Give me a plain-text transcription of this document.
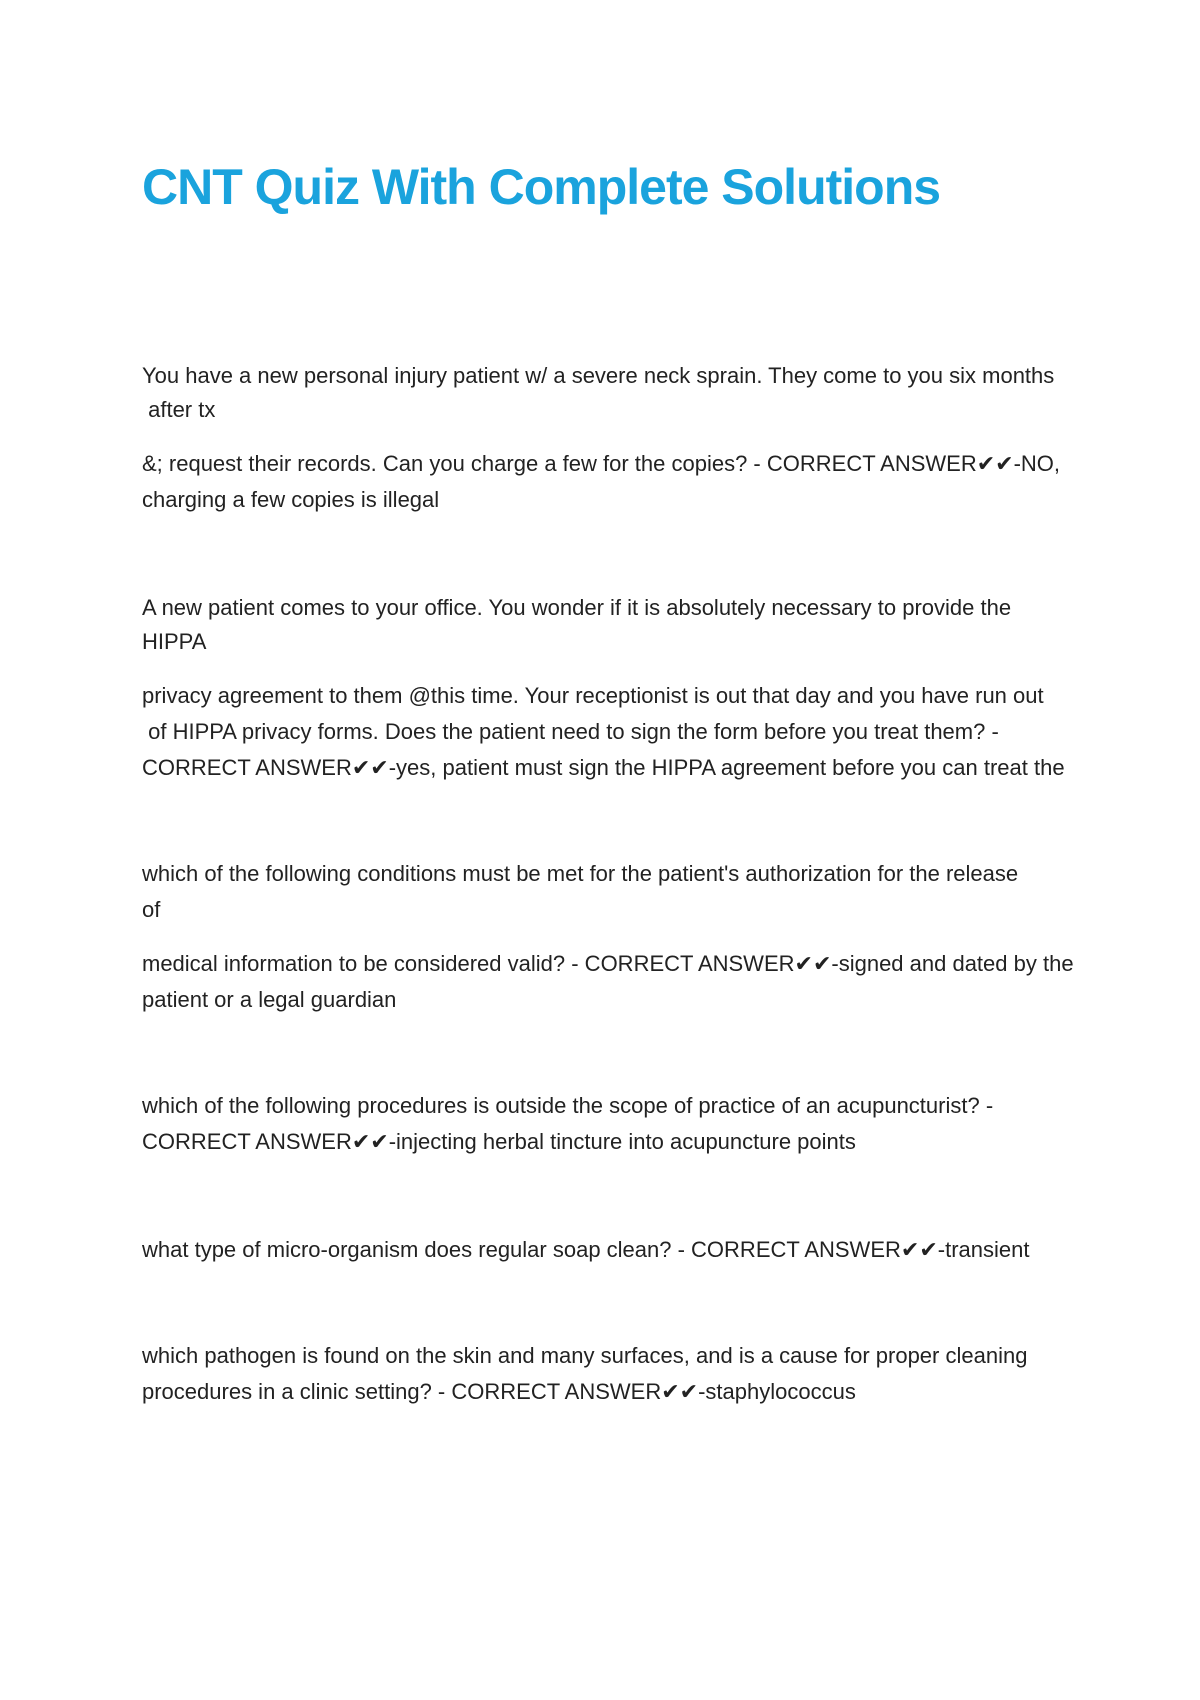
CNT Quiz With Complete Solutions

You have a new personal injury patient w/ a severe neck sprain. They come to you six months

after tx

&; request their records. Can you charge a few for the copies? - CORRECT ANSWER✔✔-NO,

charging a few copies is illegal

A new patient comes to your office. You wonder if it is absolutely necessary to provide the

HIPPA

privacy agreement to them @this time. Your receptionist is out that day and you have run out

of HIPPA privacy forms. Does the patient need to sign the form before you treat them? -

CORRECT ANSWER✔✔-yes, patient must sign the HIPPA agreement before you can treat the

which of the following conditions must be met for the patient's authorization for the release

of

medical information to be considered valid? - CORRECT ANSWER✔✔-signed and dated by the

patient or a legal guardian

which of the following procedures is outside the scope of practice of an acupuncturist? -

CORRECT ANSWER✔✔-injecting herbal tincture into acupuncture points

what type of micro-organism does regular soap clean? - CORRECT ANSWER✔✔-transient

which pathogen is found on the skin and many surfaces, and is a cause for proper cleaning

procedures in a clinic setting? - CORRECT ANSWER✔✔-staphylococcus
